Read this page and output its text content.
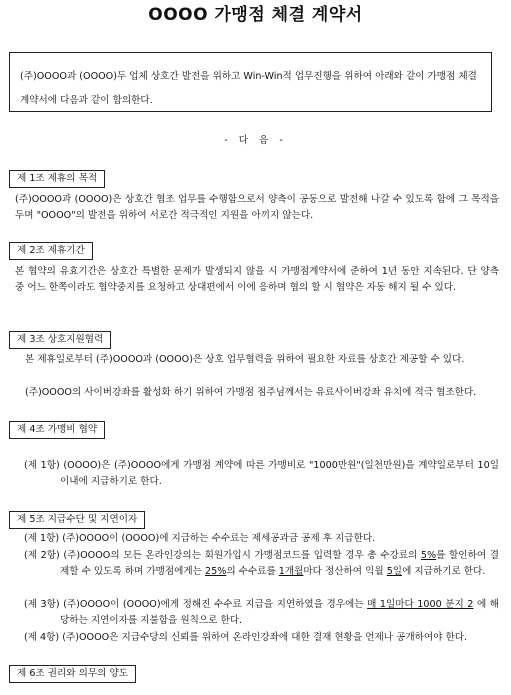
OOOO 가맹점 체결 계약서
(주)OOOO과 (OOOO)두 업체 상호간 발전을 위하고 Win-Win적 업무진행을 위하여 아래와 같이 가맹점 체결 계약서에 다음과 같이 합의한다.
- 다 음 -
제 1조 제휴의 목적
(주)OOOO과 (OOOO)은 상호간 협조 업무를 수행함으로서 양측이 공동으로 발전해 나갈 수 있도록 함에 그 목적을 두며 "OOOO"의 발전을 위하여 서로간 적극적인 지원을 아끼지 않는다.
제 2조 제휴기간
본 협약의 유효기간은 상호간 특별한 문제가 발생되지 않을 시 가맹점계약서에 준하여 1년 동안 지속된다. 단 양측 중 어느 한쪽이라도 협약중지를 요청하고 상대편에서 이에 응하며 협의 할 시 협약은 자동 해지 될 수 있다.
제 3조 상호지원협력
본 제휴일로부터 (주)OOOO과 (OOOO)은 상호 업무협력을 위하여 필요한 자료를 상호간 제공할 수 있다.
(주)OOOO의 사이버강좌를 활성화 하기 위하여 가맹점 점주님께서는 유료사이버강좌 유치에 적극 협조한다.
제 4조 가맹비 협약
(제 1항) (OOOO)은 (주)OOOO에게 가맹점 계약에 따른 가맹비로 "1000만원"(일천만원)을 계약일로부터 10일 이내에 지급하기로 한다.
제 5조 지급수단 및 지연이자
(제 1항) (주)OOOO이 (OOOO)에 지급하는 수수료는 제세공과금 공제 후 지급한다.
(제 2항) (주)OOOO의 모든 온라인강의는 회원가입시 가맹점코드를 입력할 경우 총 수강료의 5%를 할인하여 결제할 수 있도록 하며 가맹점에게는 25%의 수수료를 1개월마다 정산하여 익월 5일에 지급하기로 한다.
(제 3항) (주)OOOO이 (OOOO)에게 정해진 수수료 지급을 지연하였을 경우에는 매 1일마다 1000 분지 2 에 해당하는 지연이자를 지불함을 원칙으로 한다.
(제 4항) (주)OOOO은 지급수당의 신뢰를 위하여 온라인강좌에 대한 결재 현황을 언제나 공개하여야 한다.
제 6조 권리와 의무의 양도
